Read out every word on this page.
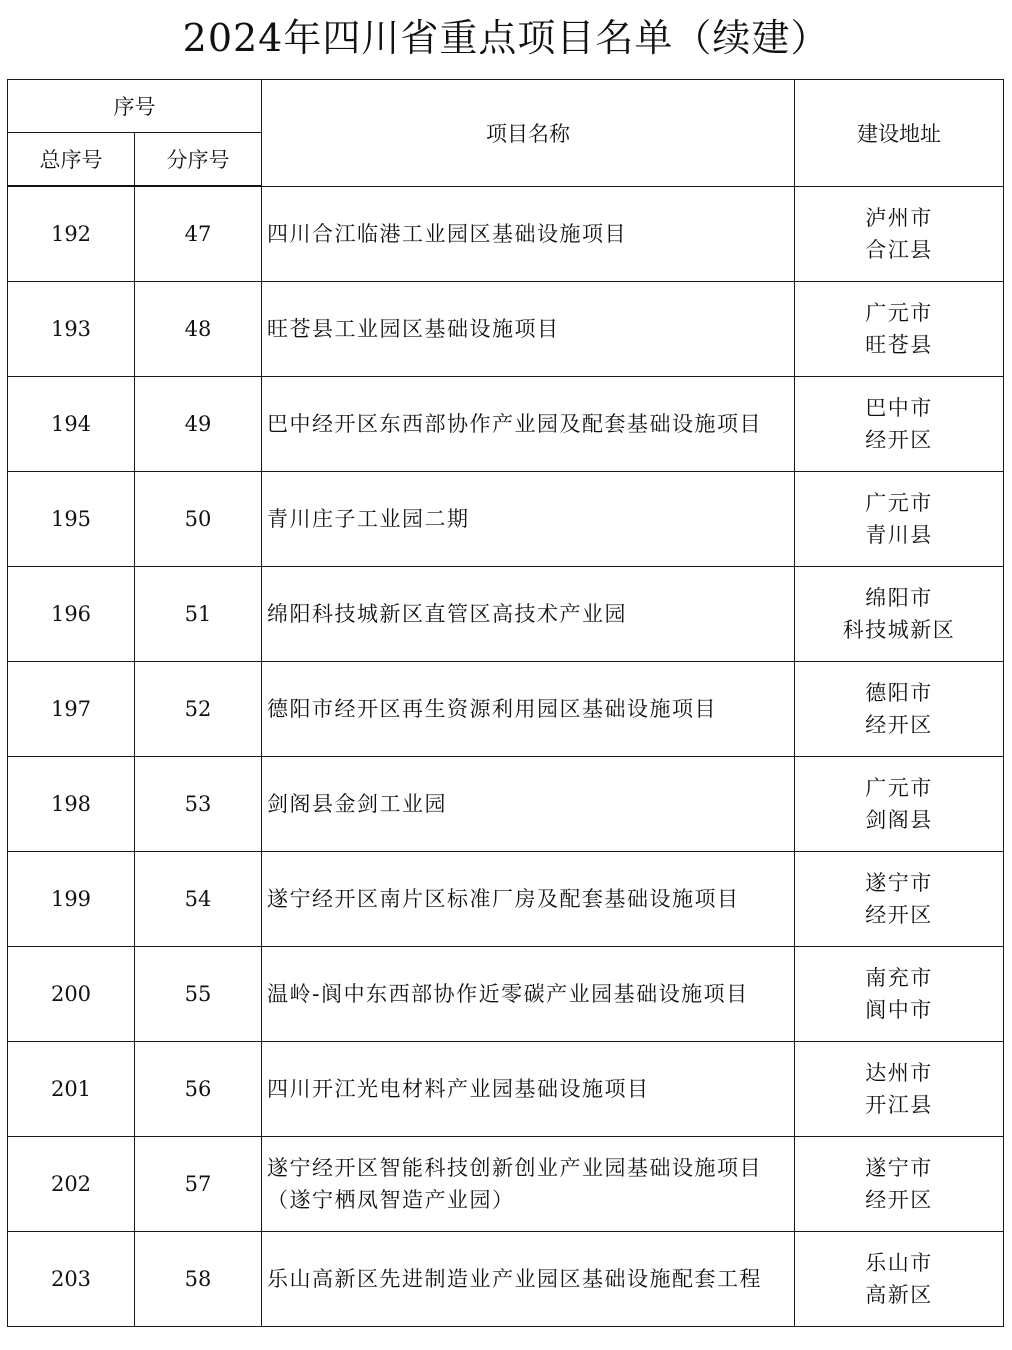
2024年四川省重点项目名单（续建）
序号		项目名称	建设地址
总序号	分序号		
192	47	四川合江临港工业园区基础设施项目	泸州市
合江县

193	48	旺苍县工业园区基础设施项目	广元市
旺苍县

194	49	巴中经开区东西部协作产业园及配套基础设施项目	巴中市
经开区

195	50	青川庄子工业园二期	广元市
青川县

196	51	绵阳科技城新区直管区高技术产业园	绵阳市
科技城新区

197	52	德阳市经开区再生资源利用园区基础设施项目	德阳市
经开区

198	53	剑阁县金剑工业园	广元市
剑阁县

199	54	遂宁经开区南片区标准厂房及配套基础设施项目	遂宁市
经开区

200	55	温岭-阆中东西部协作近零碳产业园基础设施项目	南充市
阆中市

201	56	四川开江光电材料产业园基础设施项目	达州市
开江县

202	57	遂宁经开区智能科技创新创业产业园基础设施项目（遂宁栖凤智造产业园）	遂宁市
经开区

203	58	乐山高新区先进制造业产业园区基础设施配套工程	乐山市
高新区
